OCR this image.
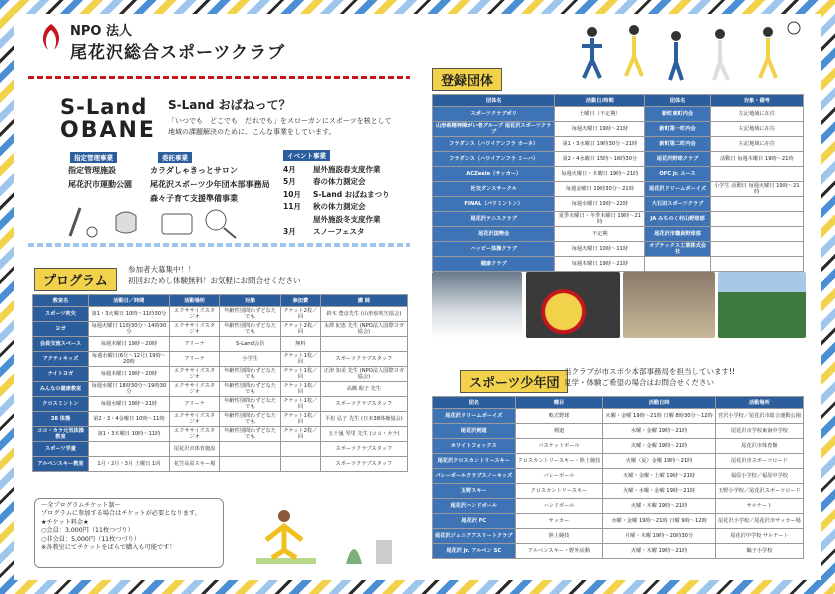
NPO 法人
尾花沢総合スポーツクラブ
S-Land
OBANE
S-Land おばねって？
「いつでも　どこでも　だれでも」をスローガンにスポーツを核として地域の課題解決のために、こんな事業をしています。
指定管理事業
指定管理施設
尾花沢市運動公園
委託事業
カラダしゃきっとサロン
尾花沢スポーツ少年団本部事務局
森々子育て支援準備事業
イベント事業
4月 屋外施設春支度作業
5月 春の体力測定会
10月 S-Land おばねまつり
11月 秋の体力測定会
屋外施設冬支度作業
3月 スノーフェスタ
プログラム
参加者大募集中！！
初回おためし体験無料！お気軽にお問合せください
教室名	活動日／時間	活動場所	対象	参加費	講 師
スポーツ吹矢	第1・3火曜日 10時～11時30分	エクササイズスタジオ	年齢性別問わずどなたでも	チケット2枚／回	鈴木 豊彦先生 (山形県吹矢協会)
ヨガ	毎週火曜日 11時30分～14時30分	エクササイズスタジオ	年齢性別問わずどなたでも	チケット2枚／回	永澤 紀恵 先生 (NPO法人国際ヨガ協会)
会員交流スペース	毎週木曜日 19時～20時	アリーナ	S-Land会員	無料	
アクティキッズ	毎週水曜日(6月～12月) 19時～20時	アリーナ	小学生	チケット1枚／回	スポーツクラブスタッフ
ナイトヨガ	毎週木曜日 19時～20時	エクササイズスタジオ	年齢性別問わずどなたでも	チケット1枚／回	正津 知美 先生 (NPO法人国際ヨガ協会)
みんなの健康教室	毎週水曜日 18時30分～19時30分	エクササイズスタジオ	年齢性別問わずどなたでも	チケット1枚／回	高橋 昭子 先生
クロスミントン	毎週水曜日 19時～21時	アリーナ	年齢性別問わずどなたでも	チケット1枚／回	スポーツクラブスタッフ
38 体操	第2・3・4金曜日 10時～11時	エクササイズスタジオ	年齢性別問わずどなたでも	チケット1枚／回	平松 弘子 先生 (日本38体操協会)
ココ・カラ元気体操教室	第1・3木曜日 10時～11時	エクササイズスタジオ	年齢性別問わずどなたでも	チケット2枚／回	五十嵐 琴里 先生 (ココ・カラ)
スポーツ学童		尾花沢市体育施設			スポーツクラブスタッフ
アルペンスキー教室	1月・2月・3月 土曜日 1回	花笠高原スキー場			スポーツクラブスタッフ
～全プログラムチケット制～
プログラムに参加する場合はチケットが必要となります。
★チケット料金★
○会員：3,000円（11枚つづり）
○非会員：5,000円（11枚つづり）
※各教室にてチケットをばらで購入も可能です！
登録団体
団体名	活動日/時間	団体名	対象・備考
スポーツクラブポリ	土曜日（不定期）	新町東町内会	左記地域に在住
山形県精神障がい者グループ 尾花沢スポーツクラブ	毎週火曜日 19時～21時	新町第一町内会	左記地域に在住
フラダンス（ハワイアンフラ カーネ）	第1・3水曜日 19時30分～21時	新町第二町内会	左記地域に在住
フラダンス（ハワイアンフラ ミーハ）	第2・4水曜日 15時～16時30分	尾花沢野球クラブ	活動日 毎週木曜日 19時～21時
ACZeele（サッカー）	毎週火曜日・木曜日 19時～21時	OFC Jr. ユース	
社交ダンスサークル	毎週金曜日 19時30分～21時	尾花沢ドリームボーイズ	小学生 活動日 毎週火曜日 19時～21時
FINAL（バドミントン）	毎週水曜日 19時～22時	大石田スポーツクラブ	
尾花沢テニスクラブ	夏季火曜日・冬季木曜日 19時～21時	JA みちのく村山野球部	
尾花沢国勢会	不定期	尾花沢市職員野球部	
ハッピー体操クラブ	毎週火曜日 10時～11時	オプテックス工業株式会社	
健康クラブ	毎週木曜日 19時～21時		
スポーツ少年団
当クラブが市スポ少本部事務局を担当しています!!
見学・体験ご希望の場合はお問合せください
団名	種目	活動日時	活動場所
尾花沢ドリームボーイズ	軟式野球	火曜・金曜 19時～21時 日曜 8時30分～12時	宮沢小学校／尾花沢市総合運動公園
尾花沢剣道	剣道	水曜・金曜 19時～21時	尾花沢市学校東南中学校
ホワイトフォックス	バスケットボール	火曜・金曜 19時～21時	尾花沢市体育館
尾花沢クロスカントリースキー	クロスカントリースキー・陸上競技	火曜（夏）金曜 19時～21時	尾花沢市スポーツロード
バレーボールクラブスノーキッズ	バレーボール	火曜・金曜・土曜 19時～21時	福原小学校／福原中学校
玉野スキー	クロスカントリースキー	火曜・水曜・金曜 19時～21時	玉野小学校／尾花沢スポーツロード
尾花沢ハンドボール	ハンドボール	火曜・木曜 19時～21時	サルナート
尾花沢 FC	サッカー	水曜・金曜 19時～21時 日曜 9時～12時	尾花沢小学校／尾花沢市サッカー場
尾花沢ジュニアアスリートクラブ	陸上競技	月曜・木曜 19時～20時30分	尾花沢中学校 サルナート
尾花沢 Jr. アルペン SC	アルペンスキー・野外活動	火曜・木曜 19時～21時	鶴子小学校
